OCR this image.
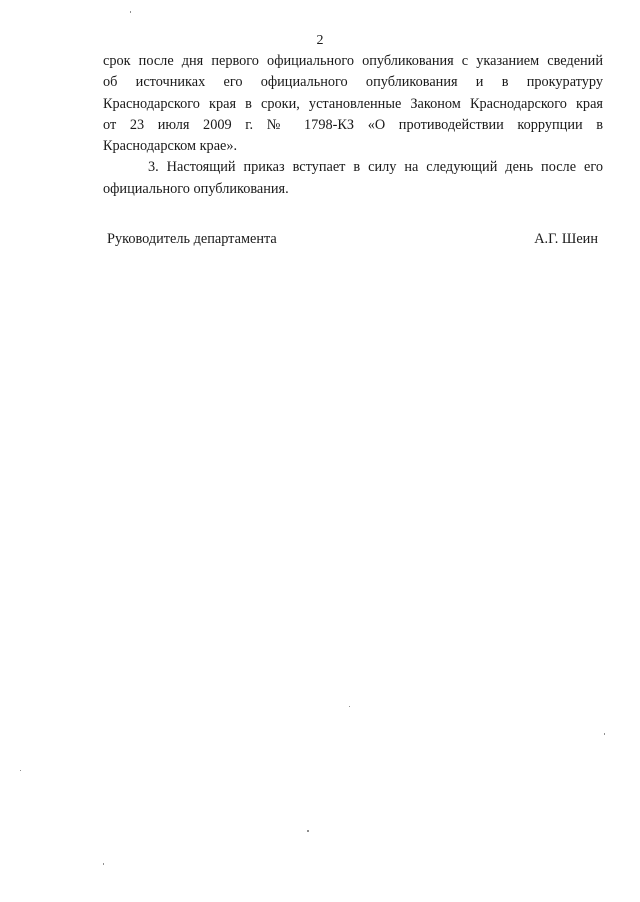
2
срок после дня первого официального опубликования с указанием сведений
об источниках его официального опубликования и в прокуратуру
Краснодарского края в сроки, установленные Законом Краснодарского края
от 23 июля 2009 г. № 1798-КЗ «О противодействии коррупции в
Краснодарском крае».
3. Настоящий приказ вступает в силу на следующий день после его
официального опубликования.
Руководитель департамента	А.Г. Шеин
